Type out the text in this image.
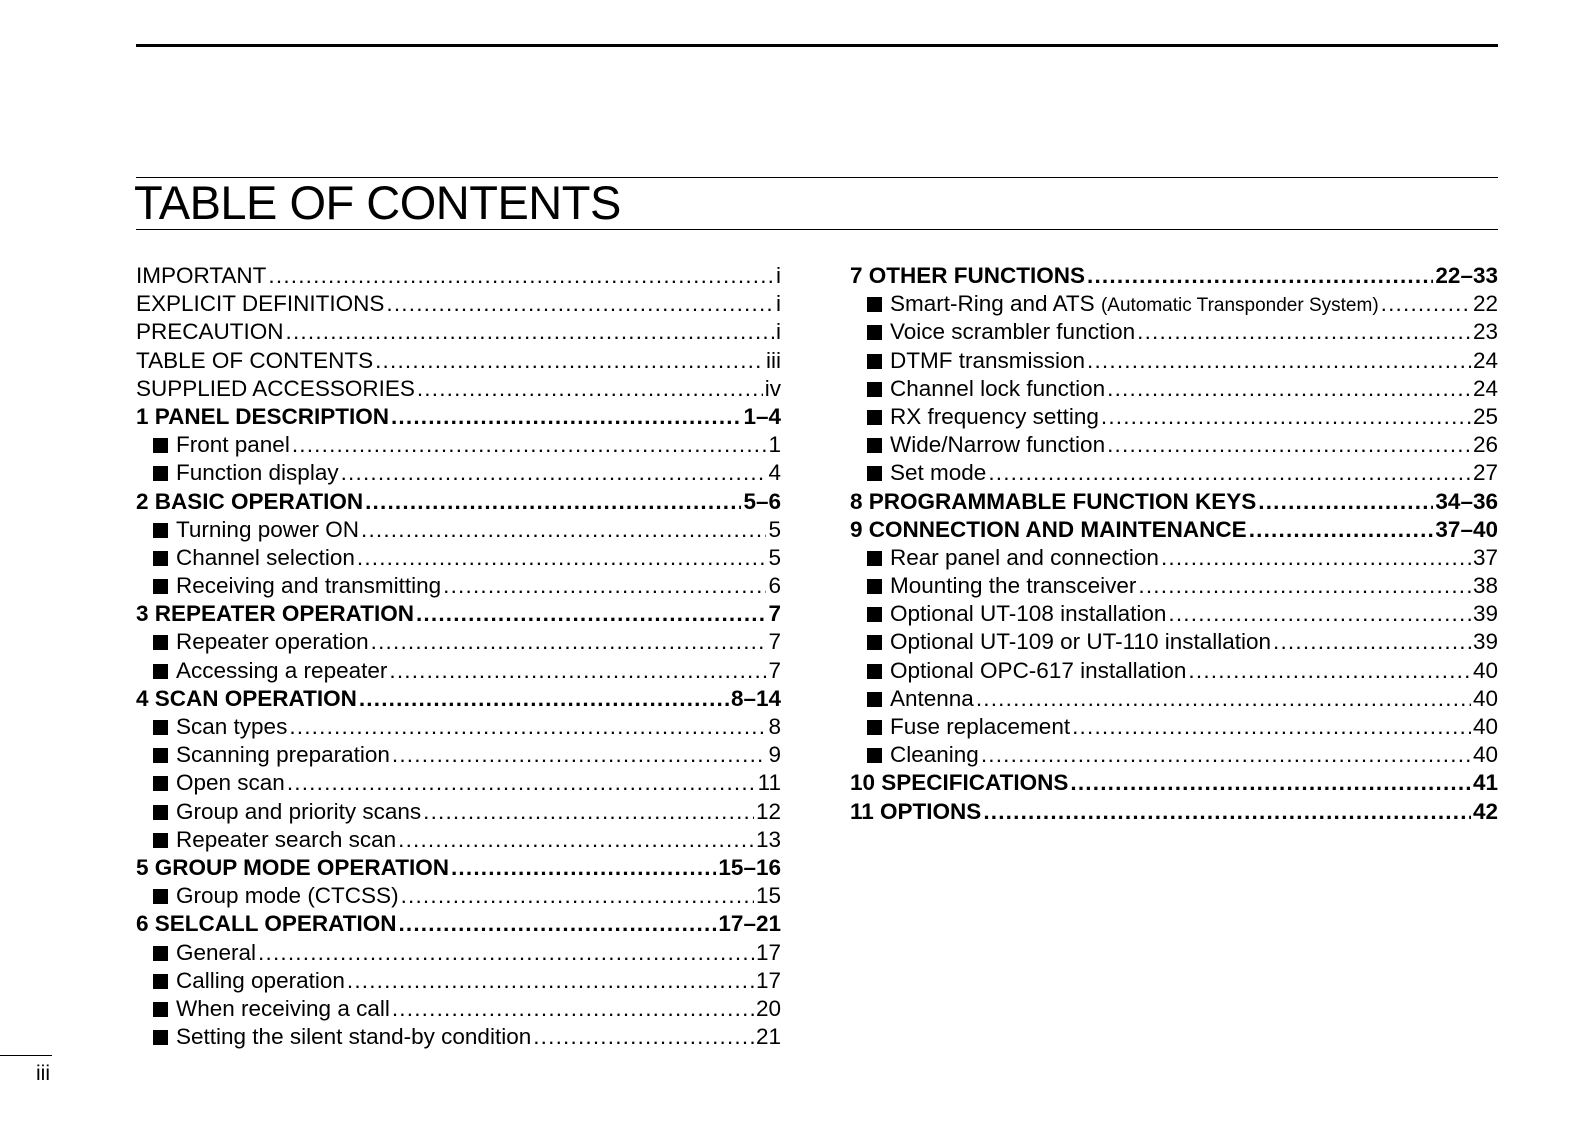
TABLE OF CONTENTS
IMPORTANT .....	i
EXPLICIT DEFINITIONS .....	i
PRECAUTION .....	i
TABLE OF CONTENTS .....	iii
SUPPLIED ACCESSORIES .....	iv
1 PANEL DESCRIPTION .....	1–4
Front panel .....	1
Function display .....	4
2 BASIC OPERATION .....	5–6
Turning power ON .....	5
Channel selection .....	5
Receiving and transmitting .....	6
3 REPEATER OPERATION .....	7
Repeater operation .....	7
Accessing a repeater .....	7
4 SCAN OPERATION .....	8–14
Scan types .....	8
Scanning preparation .....	9
Open scan .....	11
Group and priority scans .....	12
Repeater search scan .....	13
5 GROUP MODE OPERATION .....	15–16
Group mode (CTCSS) .....	15
6 SELCALL OPERATION .....	17–21
General .....	17
Calling operation .....	17
When receiving a call .....	20
Setting the silent stand-by condition .....	21
7 OTHER FUNCTIONS .....	22–33
Smart-Ring and ATS
(Automatic Transponder System) .....	22
Voice scrambler function .....	23
DTMF transmission .....	24
Channel lock function .....	24
RX frequency setting .....	25
Wide/Narrow function .....	26
Set mode .....	27
8 PROGRAMMABLE FUNCTION KEYS .....	34–36
9 CONNECTION AND MAINTENANCE .....	37–40
Rear panel and connection .....	37
Mounting the transceiver .....	38
Optional UT-108 installation .....	39
Optional UT-109 or UT-110 installation .....	39
Optional OPC-617 installation .....	40
Antenna .....	40
Fuse replacement .....	40
Cleaning .....	40
10 SPECIFICATIONS .....	41
11 OPTIONS .....	42
iii
